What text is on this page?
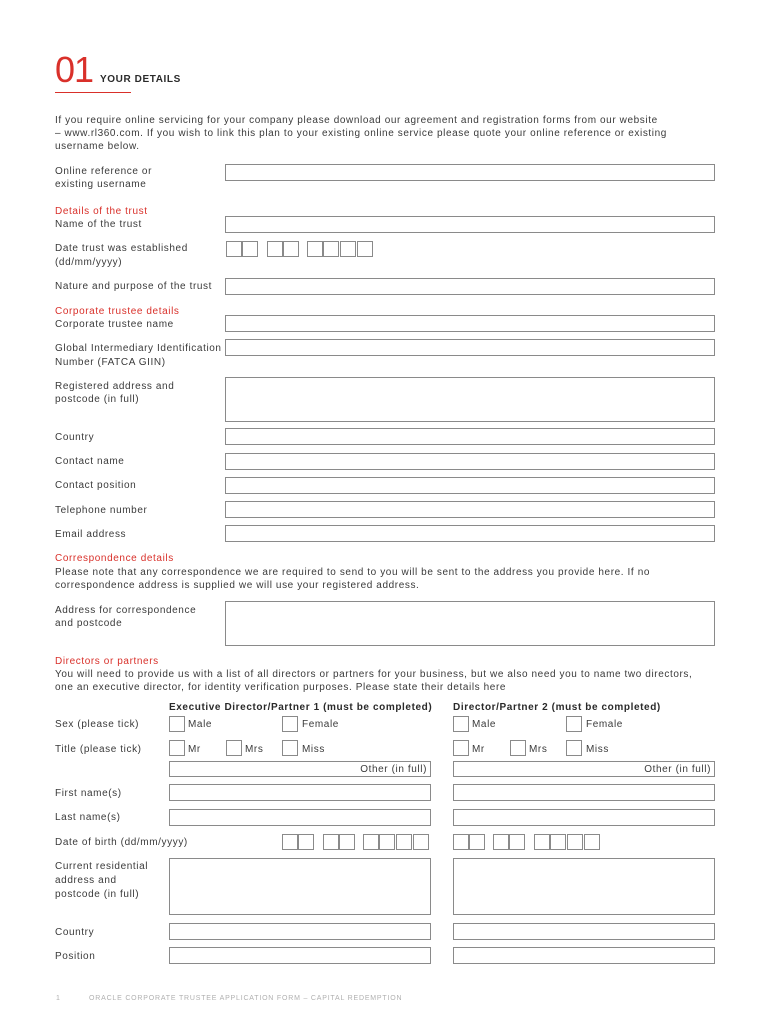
01 YOUR DETAILS
If you require online servicing for your company please download our agreement and registration forms from our website
– www.rl360.com. If you wish to link this plan to your existing online service please quote your online reference or existing
username below.
Online reference or
existing username
Details of the trust
Name of the trust
Date trust was established
(dd/mm/yyyy)
Nature and purpose of the trust
Corporate trustee details
Corporate trustee name
Global Intermediary Identification
Number (FATCA GIIN)
Registered address and
postcode (in full)
Country
Contact name
Contact position
Telephone number
Email address
Correspondence details
Please note that any correspondence we are required to send to you will be sent to the address you provide here. If no
correspondence address is supplied we will use your registered address.
Address for correspondence
and postcode
Directors or partners
You will need to provide us with a list of all directors or partners for your business, but we also need you to name two directors,
one an executive director, for identity verification purposes. Please state their details here
Executive Director/Partner 1 (must be completed) Director/Partner 2 (must be completed)
Sex (please tick)	Male	Female	Male	Female
Title (please tick)	Mr	Mrs	Miss	Mr	Mrs	Miss
Other (in full)	Other (in full)
First name(s)
Last name(s)
Date of birth (dd/mm/yyyy)
Current residential
address and
postcode (in full)
Country
Position
1	ORACLE CORPORATE TRUSTEE APPLICATION FORM – CAPITAL REDEMPTION
